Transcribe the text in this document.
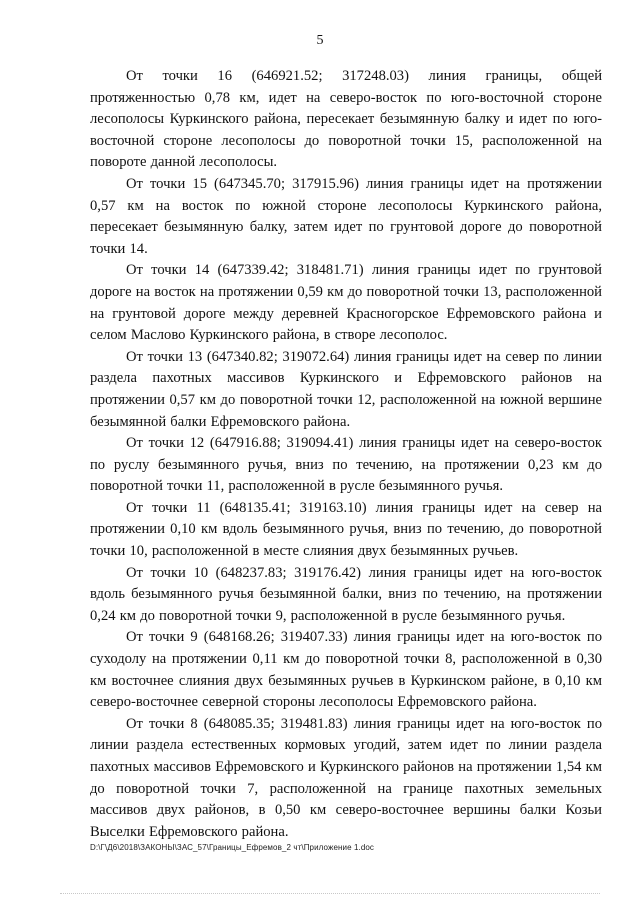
5

От точки 16 (646921.52; 317248.03) линия границы, общей протяженностью 0,78 км, идет на северо-восток по юго-восточной стороне лесополосы Куркинского района, пересекает безымянную балку и идет по юго-восточной стороне лесополосы до поворотной точки 15, расположенной на повороте данной лесополосы.

От точки 15 (647345.70; 317915.96) линия границы идет на протяжении 0,57 км на восток по южной стороне лесополосы Куркинского района, пересекает безымянную балку, затем идет по грунтовой дороге до поворотной точки 14.

От точки 14 (647339.42; 318481.71) линия границы идет по грунтовой дороге на восток на протяжении 0,59 км до поворотной точки 13, расположенной на грунтовой дороге между деревней Красногорское Ефремовского района и селом Маслово Куркинского района, в створе лесополос.

От точки 13 (647340.82; 319072.64) линия границы идет на север по линии раздела пахотных массивов Куркинского и Ефремовского районов на протяжении 0,57 км до поворотной точки 12, расположенной на южной вершине безымянной балки Ефремовского района.

От точки 12 (647916.88; 319094.41) линия границы идет на северо-восток по руслу безымянного ручья, вниз по течению, на протяжении 0,23 км до поворотной точки 11, расположенной в русле безымянного ручья.

От точки 11 (648135.41; 319163.10) линия границы идет на север на протяжении 0,10 км вдоль безымянного ручья, вниз по течению, до поворотной точки 10, расположенной в месте слияния двух безымянных ручьев.

От точки 10 (648237.83; 319176.42) линия границы идет на юго-восток вдоль безымянного ручья безымянной балки, вниз по течению, на протяжении 0,24 км до поворотной точки 9, расположенной в русле безымянного ручья.

От точки 9 (648168.26; 319407.33) линия границы идет на юго-восток по суходолу на протяжении 0,11 км до поворотной точки 8, расположенной в 0,30 км восточнее слияния двух безымянных ручьев в Куркинском районе, в 0,10 км северо-восточнее северной стороны лесополосы Ефремовского района.

От точки 8 (648085.35; 319481.83) линия границы идет на юго-восток по линии раздела естественных кормовых угодий, затем идет по линии раздела пахотных массивов Ефремовского и Куркинского районов на протяжении 1,54 км до поворотной точки 7, расположенной на границе пахотных земельных массивов двух районов, в 0,50 км северо-восточнее вершины балки Козьи Выселки Ефремовского района.

D:\Г\Д6\2018\ЗАКОНЫ\ЗАС_57\Границы_Ефремов_2 чт\Приложение 1.doc
